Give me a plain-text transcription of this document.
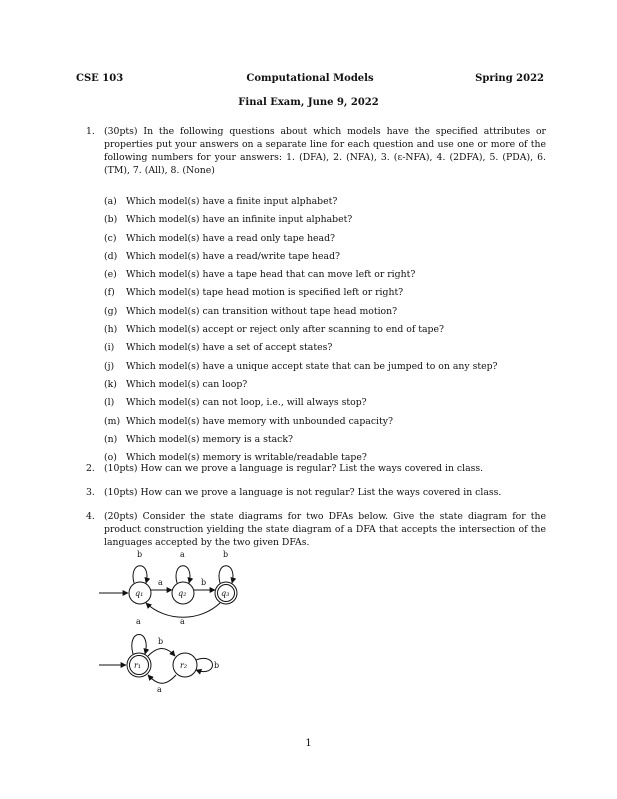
CSE 103	Computational Models	Spring 2022
Final Exam, June 9, 2022
1. (30pts) In the following questions about which models have the specified attributes or properties put your answers on a separate line for each question and use one or more of the following numbers for your answers: 1. (DFA), 2. (NFA), 3. (ε-NFA), 4. (2DFA), 5. (PDA), 6. (TM), 7. (All), 8. (None)
(a) Which model(s) have a finite input alphabet?
(b) Which model(s) have an infinite input alphabet?
(c) Which model(s) have a read only tape head?
(d) Which model(s) have a read/write tape head?
(e) Which model(s) have a tape head that can move left or right?
(f) Which model(s) tape head motion is specified left or right?
(g) Which model(s) can transition without tape head motion?
(h) Which model(s) accept or reject only after scanning to end of tape?
(i) Which model(s) have a set of accept states?
(j) Which model(s) have a unique accept state that can be jumped to on any step?
(k) Which model(s) can loop?
(l) Which model(s) can not loop, i.e., will always stop?
(m) Which model(s) have memory with unbounded capacity?
(n) Which model(s) memory is a stack?
(o) Which model(s) memory is writable/readable tape?
2. (10pts) How can we prove a language is regular? List the ways covered in class.
3. (10pts) How can we prove a language is not regular? List the ways covered in class.
4. (20pts) Consider the state diagrams for two DFAs below. Give the state diagram for the product construction yielding the state diagram of a DFA that accepts the intersection of the languages accepted by the two given DFAs.
q₁	q₂	q₃
b	a	b
a	b
a
r₁	r₂
a
b
b
a
1
